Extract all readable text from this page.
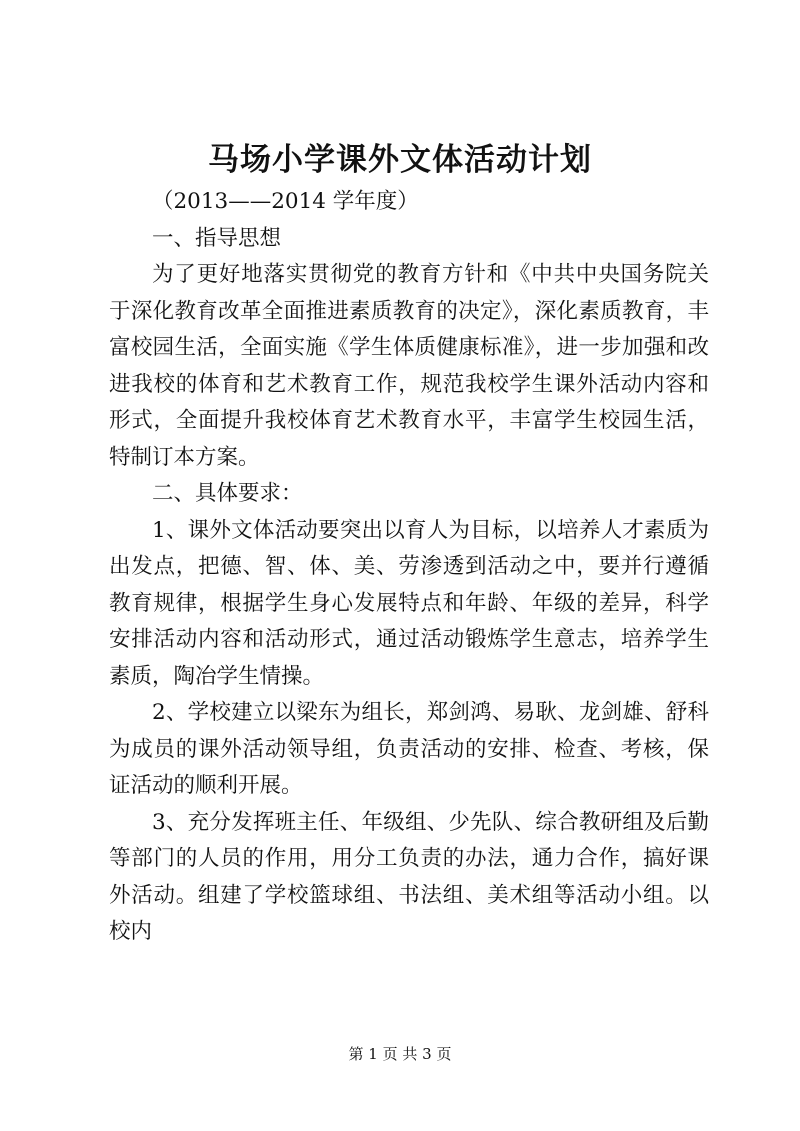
马场小学课外文体活动计划

（2013——2014 学年度）

一、指导思想

为了更好地落实贯彻党的教育方针和《中共中央国务院关于深化教育改革全面推进素质教育的决定》，深化素质教育，丰富校园生活，全面实施《学生体质健康标准》，进一步加强和改进我校的体育和艺术教育工作，规范我校学生课外活动内容和形式，全面提升我校体育艺术教育水平，丰富学生校园生活，特制订本方案。

二、具体要求：

1、课外文体活动要突出以育人为目标，以培养人才素质为出发点，把德、智、体、美、劳渗透到活动之中，要并行遵循教育规律，根据学生身心发展特点和年龄、年级的差异，科学安排活动内容和活动形式，通过活动锻炼学生意志，培养学生素质，陶冶学生情操。

2、学校建立以梁东为组长，郑剑鸿、易耿、龙剑雄、舒科为成员的课外活动领导组，负责活动的安排、检查、考核，保证活动的顺利开展。

3、充分发挥班主任、年级组、少先队、综合教研组及后勤等部门的人员的作用，用分工负责的办法，通力合作，搞好课外活动。组建了学校篮球组、书法组、美术组等活动小组。以校内

第 1 页 共 3 页
